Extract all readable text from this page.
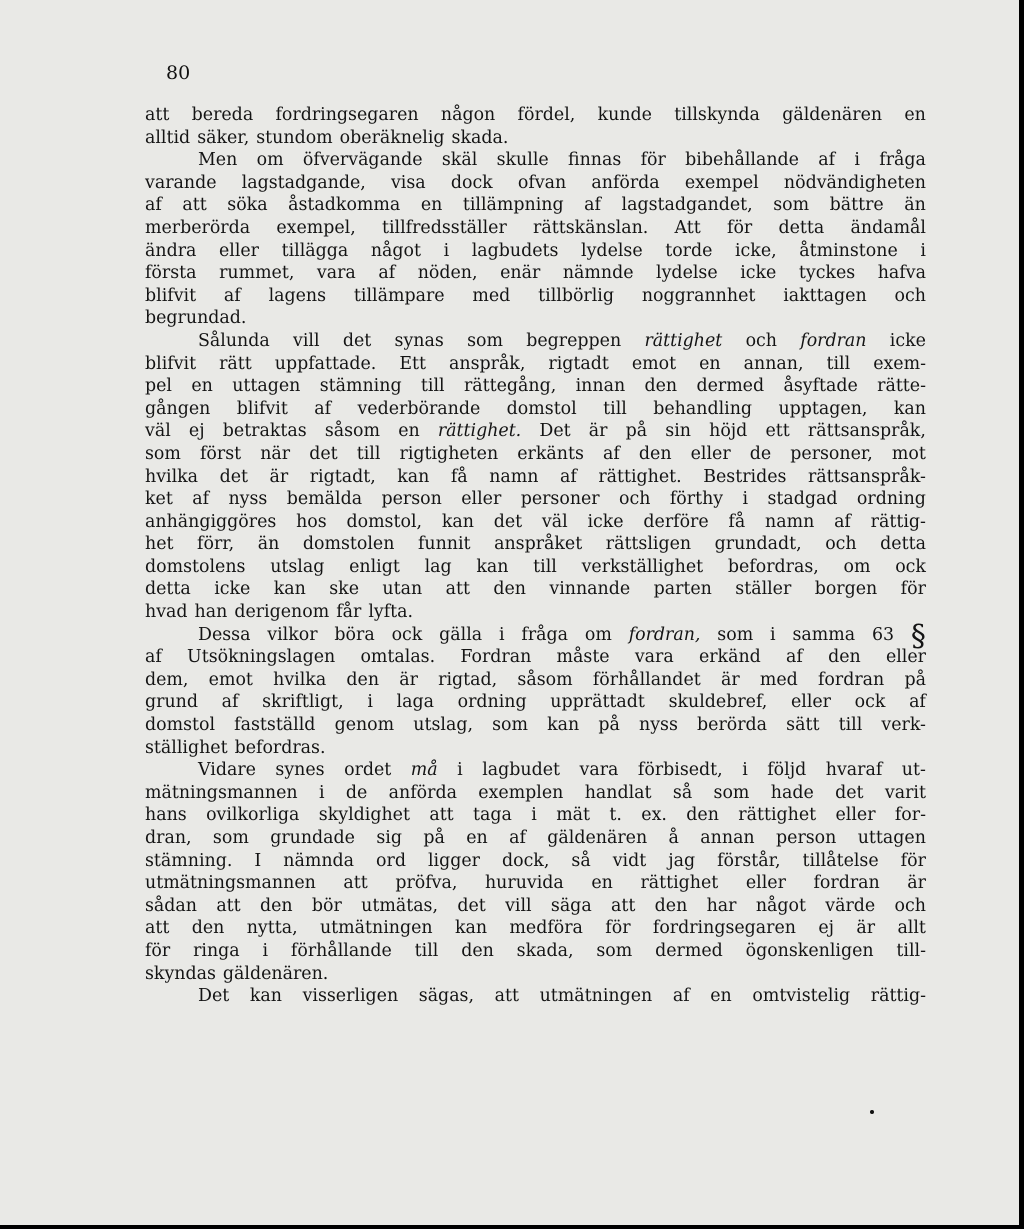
80
att bereda fordringsegaren någon fördel, kunde tillskynda gäldenären en
alltid säker, stundom oberäknelig skada.
Men om öfvervägande skäl skulle finnas för bibehållande af i fråga
varande lagstadgande, visa dock ofvan anförda exempel nödvändigheten
af att söka åstadkomma en tillämpning af lagstadgandet, som bättre än
merberörda exempel, tillfredsställer rättskänslan. Att för detta ändamål
ändra eller tillägga något i lagbudets lydelse torde icke, åtminstone i
första rummet, vara af nöden, enär nämnde lydelse icke tyckes hafva
blifvit af lagens tillämpare med tillbörlig noggrannhet iakttagen och
begrundad.
Sålunda vill det synas som begreppen rättighet och fordran icke
blifvit rätt uppfattade. Ett anspråk, rigtadt emot en annan, till exem-
pel en uttagen stämning till rättegång, innan den dermed åsyftade rätte-
gången blifvit af vederbörande domstol till behandling upptagen, kan
väl ej betraktas såsom en rättighet. Det är på sin höjd ett rättsanspråk,
som först när det till rigtigheten erkänts af den eller de personer, mot
hvilka det är rigtadt, kan få namn af rättighet. Bestrides rättsanspråk-
ket af nyss bemälda person eller personer och förthy i stadgad ordning
anhängiggöres hos domstol, kan det väl icke derföre få namn af rättig-
het förr, än domstolen funnit anspråket rättsligen grundadt, och detta
domstolens utslag enligt lag kan till verkställighet befordras, om ock
detta icke kan ske utan att den vinnande parten ställer borgen för
hvad han derigenom får lyfta.
Dessa vilkor böra ock gälla i fråga om fordran, som i samma 63 §
af Utsökningslagen omtalas. Fordran måste vara erkänd af den eller
dem, emot hvilka den är rigtad, såsom förhållandet är med fordran på
grund af skriftligt, i laga ordning upprättadt skuldebref, eller ock af
domstol fastställd genom utslag, som kan på nyss berörda sätt till verk-
ställighet befordras.
Vidare synes ordet må i lagbudet vara förbisedt, i följd hvaraf ut-
mätningsmannen i de anförda exemplen handlat så som hade det varit
hans ovilkorliga skyldighet att taga i mät t. ex. den rättighet eller for-
dran, som grundade sig på en af gäldenären å annan person uttagen
stämning. I nämnda ord ligger dock, så vidt jag förstår, tillåtelse för
utmätningsmannen att pröfva, huruvida en rättighet eller fordran är
sådan att den bör utmätas, det vill säga att den har något värde och
att den nytta, utmätningen kan medföra för fordringsegaren ej är allt
för ringa i förhållande till den skada, som dermed ögonskenligen till-
skyndas gäldenären.
Det kan visserligen sägas, att utmätningen af en omtvistelig rättig-
